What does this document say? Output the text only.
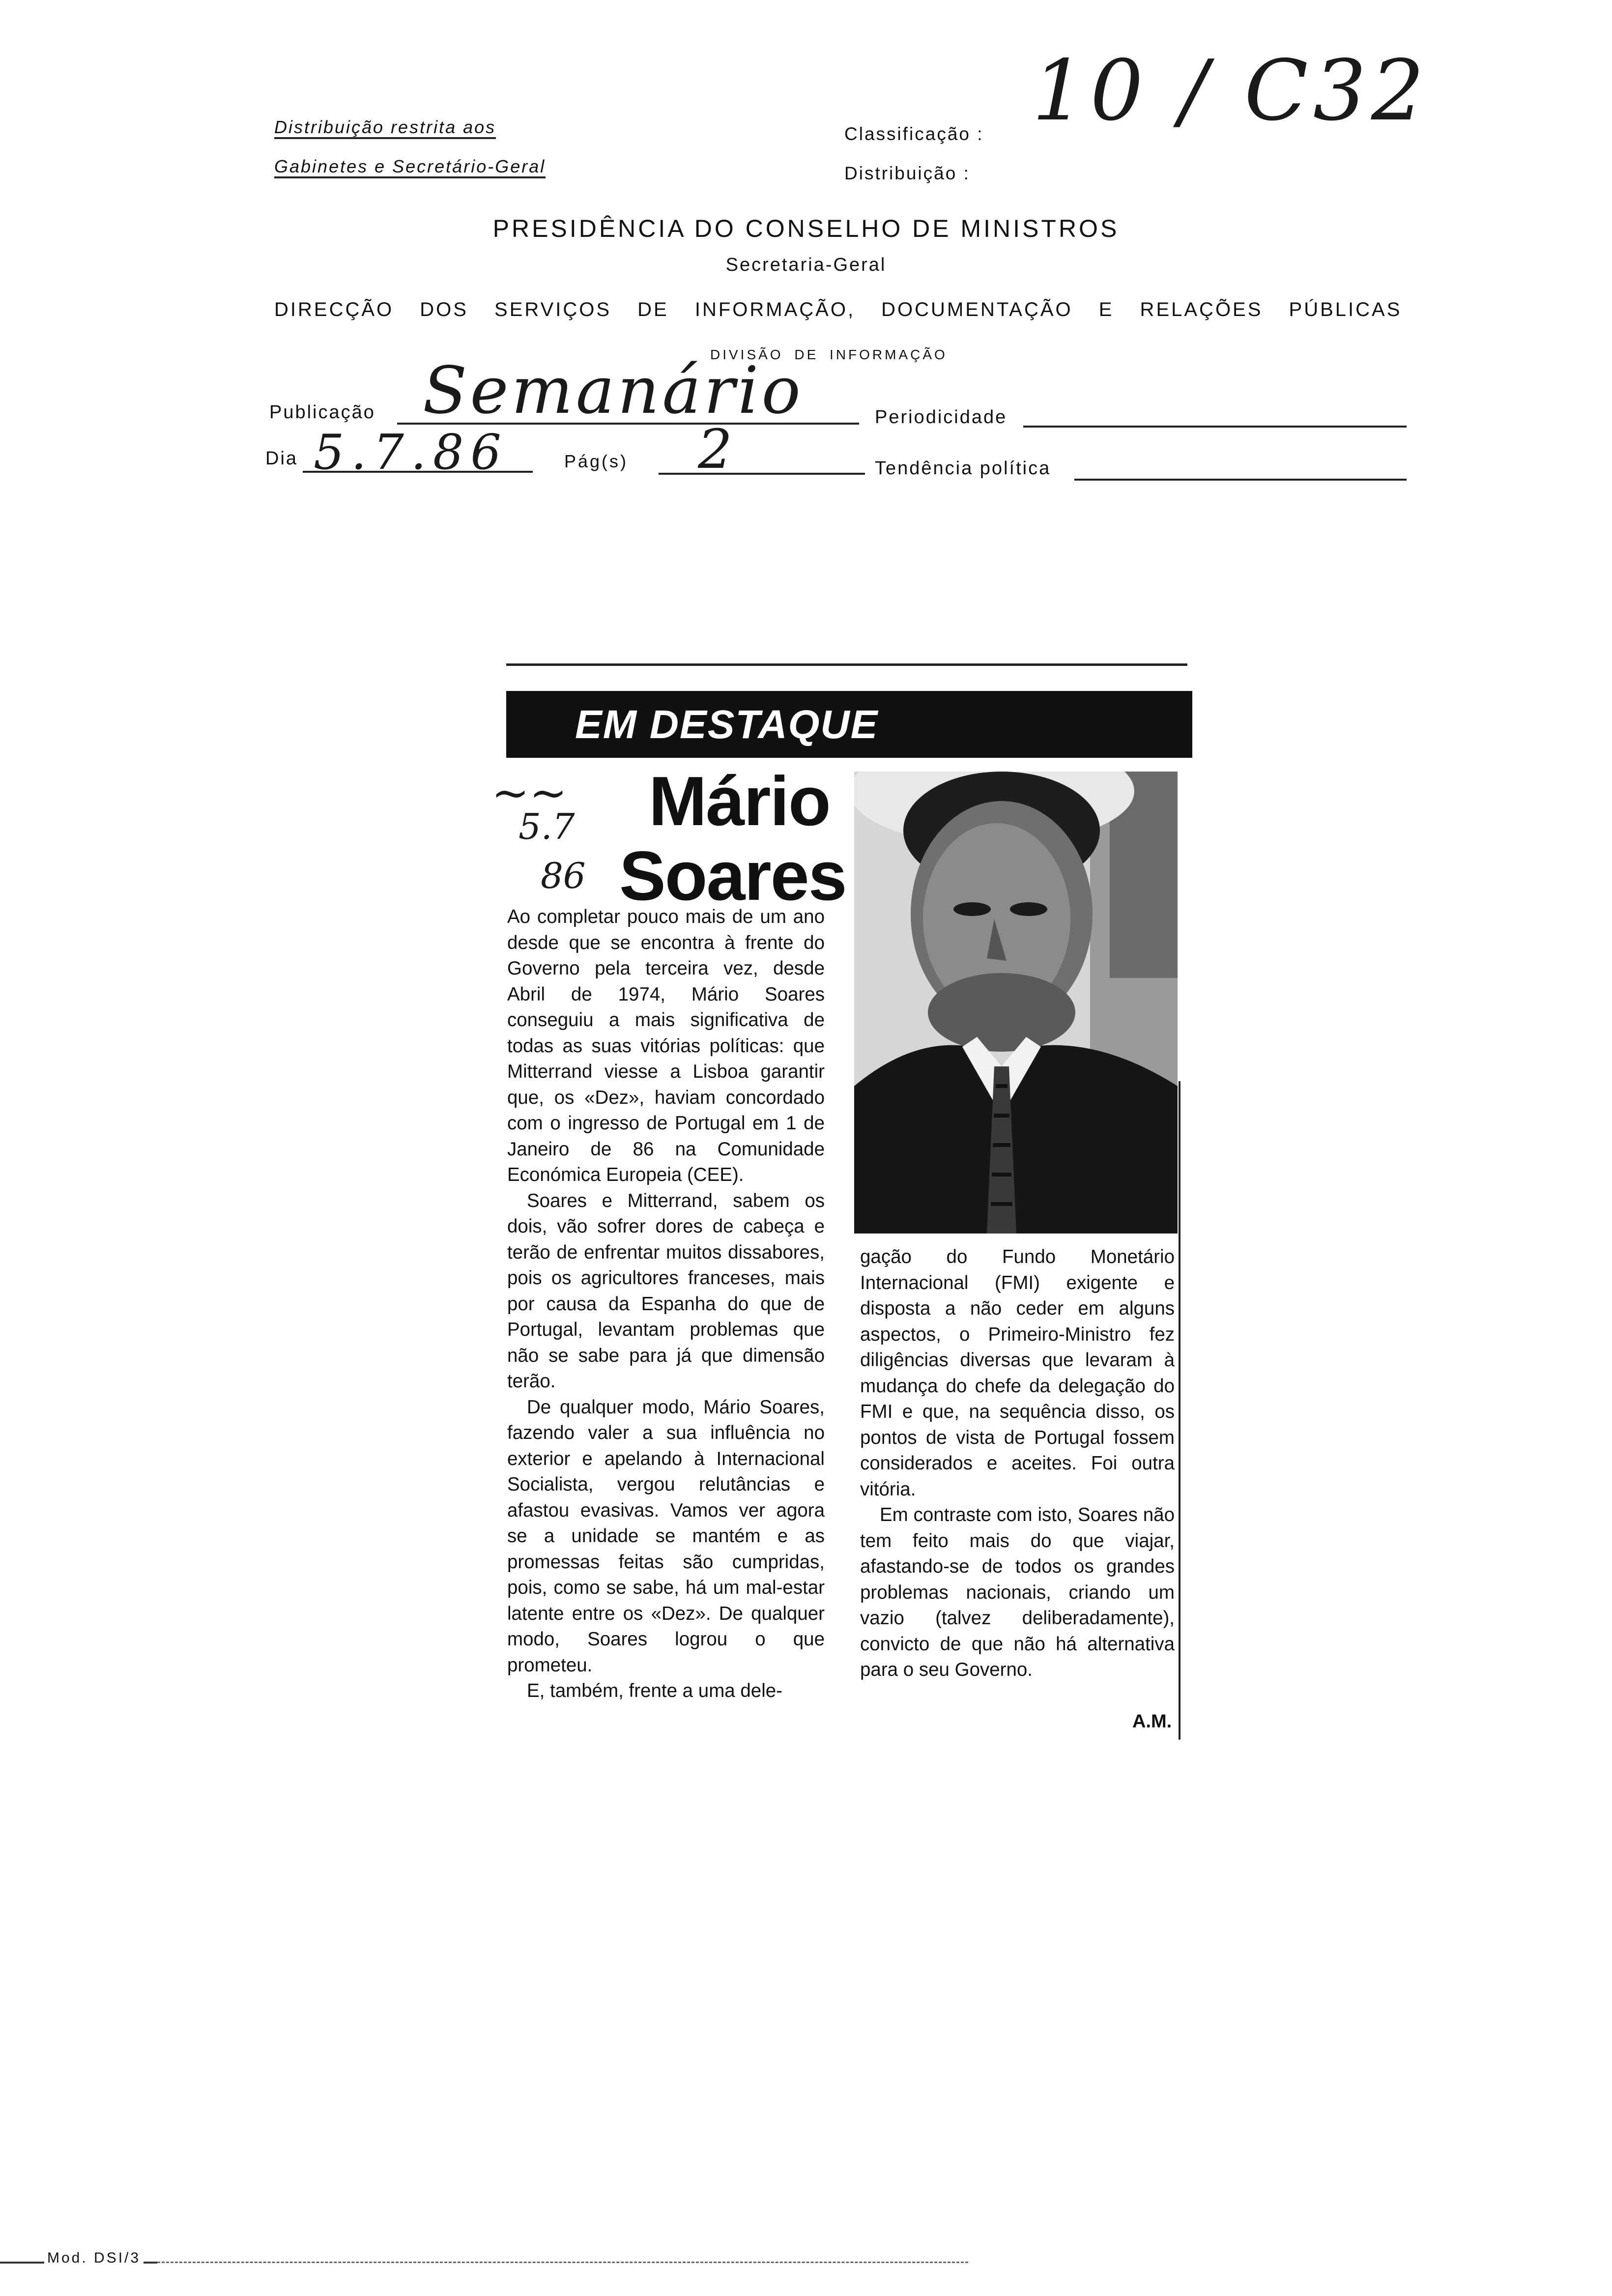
Distribuição restrita aos
Gabinetes e Secretário-Geral
Classificação :
Distribuição :
10 / C32
PRESIDÊNCIA DO CONSELHO DE MINISTROS
Secretaria-Geral
DIRECÇÃO DOS SERVIÇOS DE INFORMAÇÃO, DOCUMENTAÇÃO E RELAÇÕES PÚBLICAS
DIVISÃO DE INFORMAÇÃO
Publicação Semanário
Dia 5.7.86	Pág(s) 2
Periodicidade
Tendência política
EM DESTAQUE
~~
5.7
86
Mário
Soares

Ao completar pouco mais de um ano desde que se encontra à frente do Governo pela terceira vez, desde Abril de 1974, Mário Soares conseguiu a mais significativa de todas as suas vitórias políticas: que Mitterrand viesse a Lisboa garantir que, os «Dez», haviam concordado com o ingresso de Portugal em 1 de Janeiro de 86 na Comunidade Económica Europeia (CEE).

Soares e Mitterrand, sabem os dois, vão sofrer dores de cabeça e terão de enfrentar muitos dissabores, pois os agricultores franceses, mais por causa da Espanha do que de Portugal, levantam problemas que não se sabe para já que dimensão terão.

De qualquer modo, Mário Soares, fazendo valer a sua influência no exterior e apelando à Internacional Socialista, vergou relutâncias e afastou evasivas. Vamos ver agora se a unidade se mantém e as promessas feitas são cumpridas, pois, como se sabe, há um mal-estar latente entre os «Dez». De qualquer modo, Soares logrou o que prometeu.

E, também, frente a uma dele-

gação do Fundo Monetário Internacional (FMI) exigente e disposta a não ceder em alguns aspectos, o Primeiro-Ministro fez diligências diversas que levaram à mudança do chefe da delegação do FMI e que, na sequência disso, os pontos de vista de Portugal fossem considerados e aceites. Foi outra vitória.

Em contraste com isto, Soares não tem feito mais do que viajar, afastando-se de todos os grandes problemas nacionais, criando um vazio (talvez deliberadamente), convicto de que não há alternativa para o seu Governo.

A.M.
Mod. DSI/3
